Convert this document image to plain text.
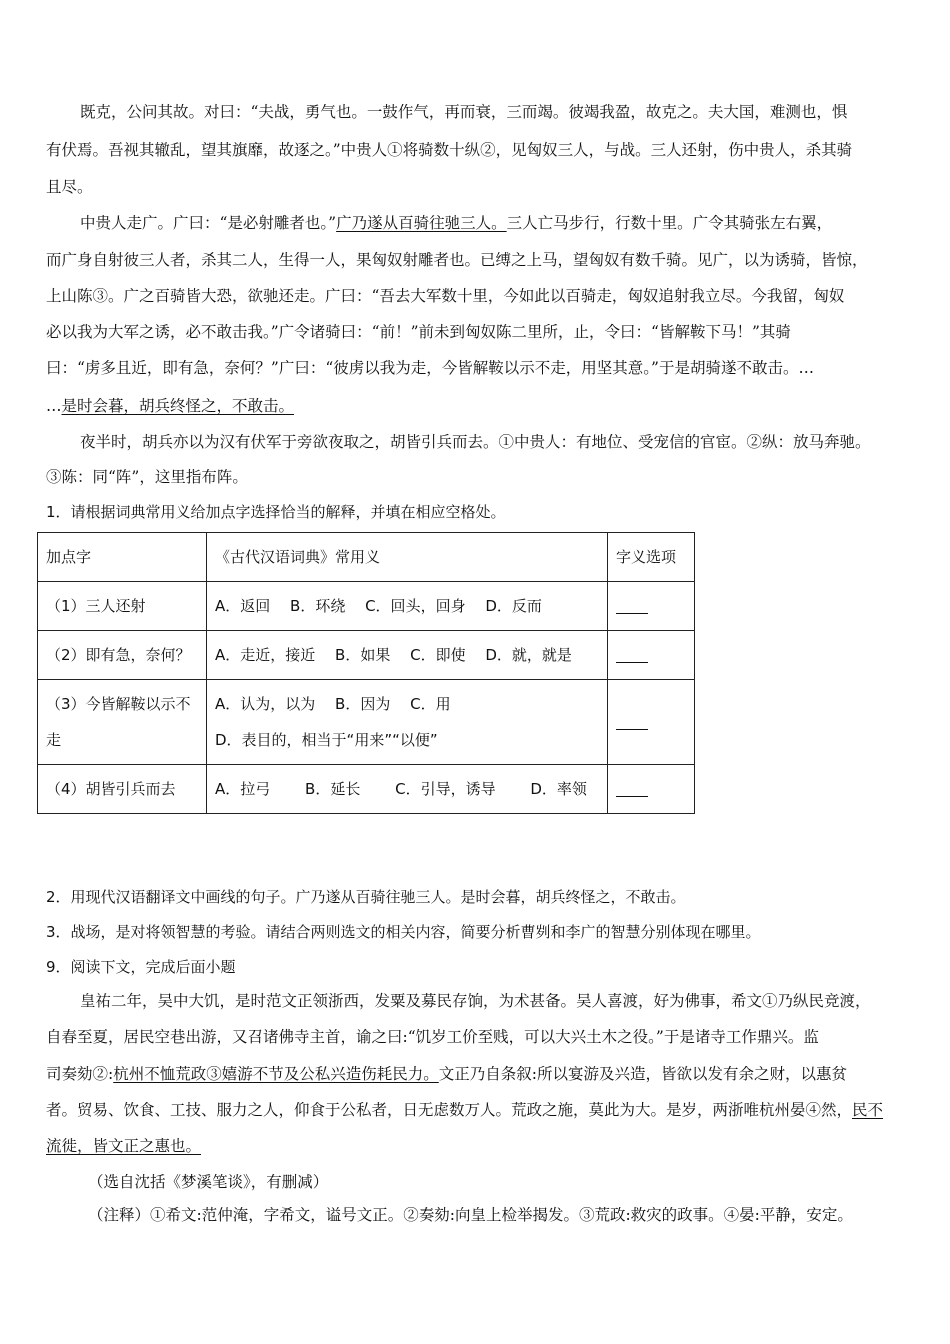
既克，公问其故。对曰：“夫战，勇气也。一鼓作气，再而衰，三而竭。彼竭我盈，故克之。夫大国，难测也，惧
有伏焉。吾视其辙乱，望其旗靡，故逐之。”中贵人①将骑数十纵②，见匈奴三人，与战。三人还射，伤中贵人，杀其骑
且尽。
中贵人走广。广曰：“是必射雕者也。”广乃遂从百骑往驰三人。三人亡马步行，行数十里。广令其骑张左右翼，
而广身自射彼三人者，杀其二人，生得一人，果匈奴射雕者也。已缚之上马，望匈奴有数千骑。见广，以为诱骑，皆惊，
上山陈③。广之百骑皆大恐，欲驰还走。广曰：“吾去大军数十里，今如此以百骑走，匈奴追射我立尽。今我留，匈奴
必以我为大军之诱，必不敢击我。”广令诸骑曰：“前！”前未到匈奴陈二里所，止，令曰：“皆解鞍下马！”其骑
曰：“虏多且近，即有急，奈何？”广曰：“彼虏以我为走，今皆解鞍以示不走，用坚其意。”于是胡骑遂不敢击。…
…是时会暮，胡兵终怪之，不敢击。
夜半时，胡兵亦以为汉有伏军于旁欲夜取之，胡皆引兵而去。①中贵人：有地位、受宠信的官宦。②纵：放马奔驰。
③陈：同“阵”，这里指布阵。
1．请根据词典常用义给加点字选择恰当的解释，并填在相应空格处。
加点字	《古代汉语词典》常用义	字义选项
（1）三人还射	A．返回　 B．环绕　 C．回头，回身　 D．反而	
（2）即有急，奈何？	A．走近，接近　 B．如果　 C．即使　 D．就，就是	
（3）今皆解鞍以示不走	A．认为，以为　 B．因为　 C．用
D．表目的，相当于“用来”“以便”	
（4）胡皆引兵而去	A．拉弓　　 B．延长　　 C．引导，诱导　　 D．率领	
2．用现代汉语翻译文中画线的句子。广乃遂从百骑往驰三人。是时会暮，胡兵终怪之，不敢击。
3．战场，是对将领智慧的考验。请结合两则选文的相关内容，简要分析曹刿和李广的智慧分别体现在哪里。
9．阅读下文，完成后面小题
皇祐二年，吴中大饥，是时范文正领浙西，发粟及募民存饷，为术甚备。吴人喜渡，好为佛事，希文①乃纵民竞渡，
自春至夏，居民空巷出游，又召诸佛寺主首，谕之曰:“饥岁工价至贱，可以大兴土木之役。”于是诸寺工作鼎兴。监
司奏劾②:杭州不恤荒政③嬉游不节及公私兴造伤耗民力。文正乃自条叙:所以宴游及兴造，皆欲以发有余之财，以惠贫
者。贸易、饮食、工技、服力之人，仰食于公私者，日无虑数万人。荒政之施，莫此为大。是岁，两浙唯杭州晏④然，民不
流徙，皆文正之惠也。
（选自沈括《梦溪笔谈》，有删减）
（注释）①希文:范仲淹，字希文，谥号文正。②奏劾:向皇上检举揭发。③荒政:救灾的政事。④晏:平静，安定。
